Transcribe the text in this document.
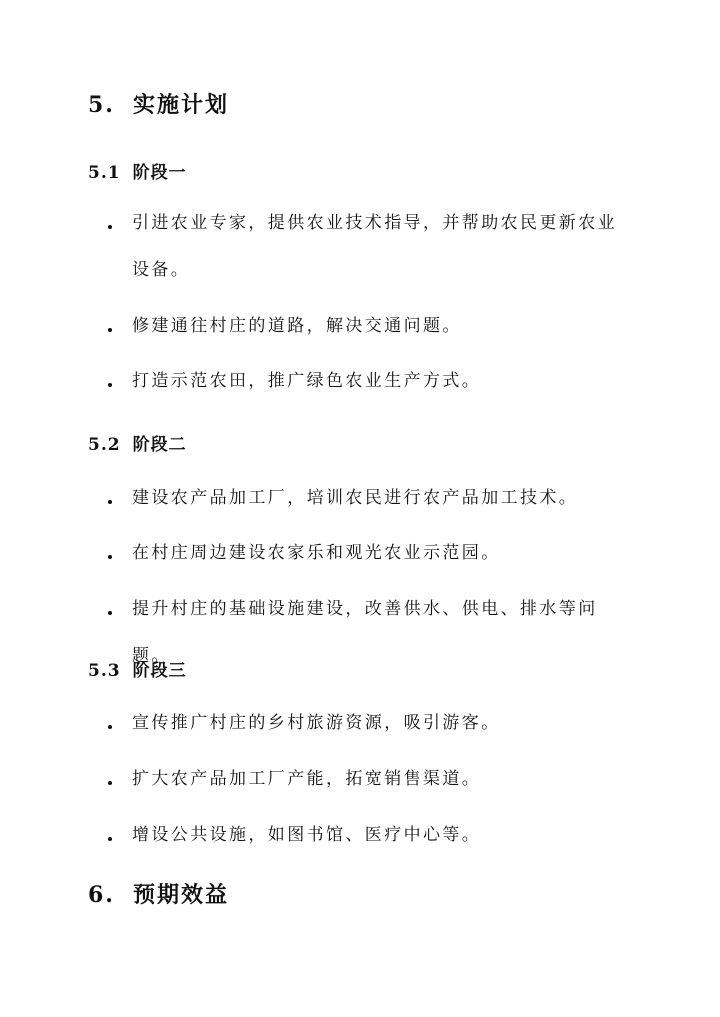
5. 实施计划
5.1 阶段一
引进农业专家，提供农业技术指导，并帮助农民更新农业设备。
修建通往村庄的道路，解决交通问题。
打造示范农田，推广绿色农业生产方式。
5.2 阶段二
建设农产品加工厂，培训农民进行农产品加工技术。
在村庄周边建设农家乐和观光农业示范园。
提升村庄的基础设施建设，改善供水、供电、排水等问题。
5.3 阶段三
宣传推广村庄的乡村旅游资源，吸引游客。
扩大农产品加工厂产能，拓宽销售渠道。
增设公共设施，如图书馆、医疗中心等。
6. 预期效益
